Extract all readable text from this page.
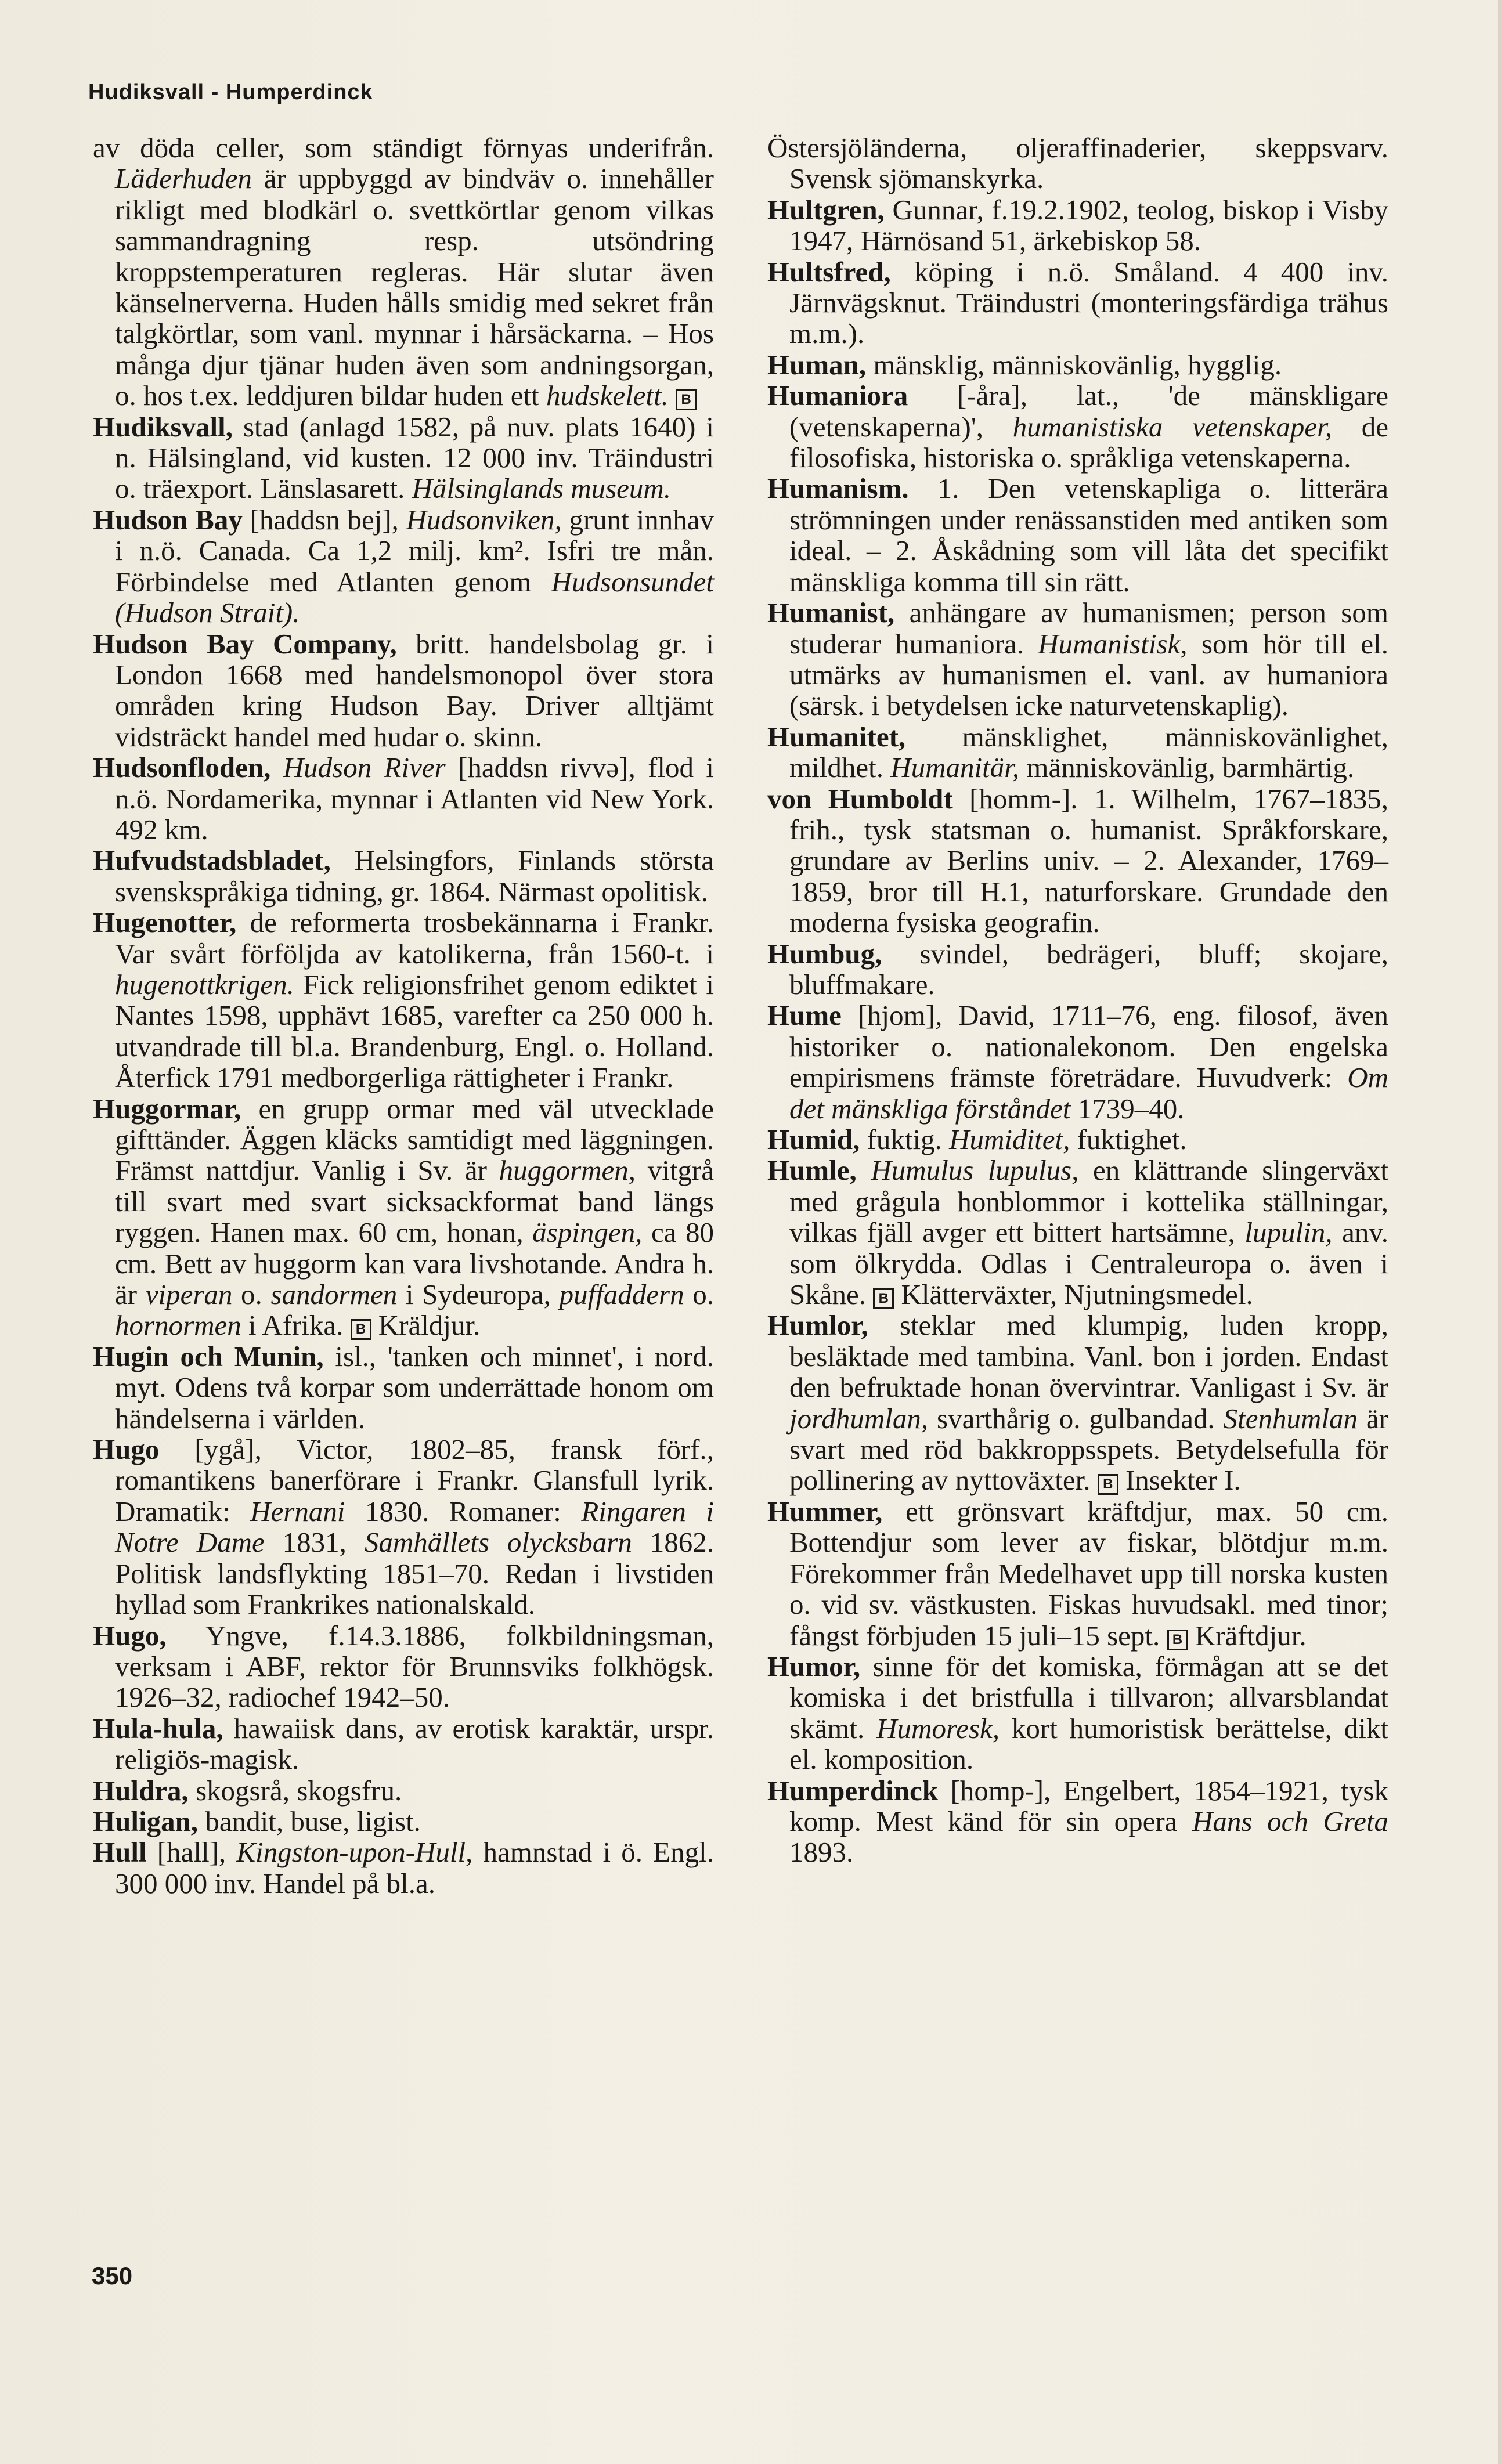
Hudiksvall - Humperdinck

av döda celler, som ständigt förnyas underifrån. Läderhuden är uppbyggd av bindväv o. innehåller rikligt med blodkärl o. svettkörtlar genom vilkas sammandragning resp. utsöndring kroppstemperaturen regleras. Här slutar även känselnerverna. Huden hålls smidig med sekret från talgkörtlar, som vanl. mynnar i hårsäckarna. – Hos många djur tjänar huden även som andningsorgan, o. hos t.ex. leddjuren bildar huden ett hudskelett. B

Hudiksvall, stad (anlagd 1582, på nuv. plats 1640) i n. Hälsingland, vid kusten. 12 000 inv. Träindustri o. träexport. Länslasarett. Hälsinglands museum.

Hudson Bay [haddsn bej], Hudsonviken, grunt innhav i n.ö. Canada. Ca 1,2 milj. km². Isfri tre mån. Förbindelse med Atlanten genom Hudsonsundet (Hudson Strait).

Hudson Bay Company, britt. handelsbolag gr. i London 1668 med handelsmonopol över stora områden kring Hudson Bay. Driver alltjämt vidsträckt handel med hudar o. skinn.

Hudsonfloden, Hudson River [haddsn rivvə], flod i n.ö. Nordamerika, mynnar i Atlanten vid New York. 492 km.

Hufvudstadsbladet, Helsingfors, Finlands största svenskspråkiga tidning, gr. 1864. Närmast opolitisk.

Hugenotter, de reformerta trosbekännarna i Frankr. Var svårt förföljda av katolikerna, från 1560-t. i hugenottkrigen. Fick religionsfrihet genom ediktet i Nantes 1598, upphävt 1685, varefter ca 250 000 h. utvandrade till bl.a. Brandenburg, Engl. o. Holland. Återfick 1791 medborgerliga rättigheter i Frankr.

Huggormar, en grupp ormar med väl utvecklade gifttänder. Äggen kläcks samtidigt med läggningen. Främst nattdjur. Vanlig i Sv. är huggormen, vitgrå till svart med svart sicksackformat band längs ryggen. Hanen max. 60 cm, honan, äspingen, ca 80 cm. Bett av huggorm kan vara livshotande. Andra h. är viperan o. sandormen i Sydeuropa, puffaddern o. hornormen i Afrika. B Kräldjur.

Hugin och Munin, isl., 'tanken och minnet', i nord. myt. Odens två korpar som underrättade honom om händelserna i världen.

Hugo [ygå], Victor, 1802–85, fransk förf., romantikens banerförare i Frankr. Glansfull lyrik. Dramatik: Hernani 1830. Romaner: Ringaren i Notre Dame 1831, Samhällets olycksbarn 1862. Politisk landsflykting 1851–70. Redan i livstiden hyllad som Frankrikes nationalskald.

Hugo, Yngve, f.14.3.1886, folkbildningsman, verksam i ABF, rektor för Brunnsviks folkhögsk. 1926–32, radiochef 1942–50.

Hula-hula, hawaiisk dans, av erotisk karaktär, urspr. religiös-magisk.

Huldra, skogsrå, skogsfru.

Huligan, bandit, buse, ligist.

Hull [hall], Kingston-upon-Hull, hamnstad i ö. Engl. 300 000 inv. Handel på bl.a.

Östersjöländerna, oljeraffinaderier, skeppsvarv. Svensk sjömanskyrka.

Hultgren, Gunnar, f.19.2.1902, teolog, biskop i Visby 1947, Härnösand 51, ärkebiskop 58.

Hultsfred, köping i n.ö. Småland. 4 400 inv. Järnvägsknut. Träindustri (monteringsfärdiga trähus m.m.).

Human, mänsklig, människovänlig, hygglig.

Humaniora [-åra], lat., 'de mänskligare (vetenskaperna)', humanistiska vetenskaper, de filosofiska, historiska o. språkliga vetenskaperna.

Humanism. 1. Den vetenskapliga o. litterära strömningen under renässanstiden med antiken som ideal. – 2. Åskådning som vill låta det specifikt mänskliga komma till sin rätt.

Humanist, anhängare av humanismen; person som studerar humaniora. Humanistisk, som hör till el. utmärks av humanismen el. vanl. av humaniora (särsk. i betydelsen icke naturvetenskaplig).

Humanitet, mänsklighet, människovänlighet, mildhet. Humanitär, människovänlig, barmhärtig.

von Humboldt [homm-]. 1. Wilhelm, 1767–1835, frih., tysk statsman o. humanist. Språkforskare, grundare av Berlins univ. – 2. Alexander, 1769–1859, bror till H.1, naturforskare. Grundade den moderna fysiska geografin.

Humbug, svindel, bedrägeri, bluff; skojare, bluffmakare.

Hume [hjom], David, 1711–76, eng. filosof, även historiker o. nationalekonom. Den engelska empirismens främste företrädare. Huvudverk: Om det mänskliga förståndet 1739–40.

Humid, fuktig. Humiditet, fuktighet.

Humle, Humulus lupulus, en klättrande slingerväxt med grågula honblommor i kottelika ställningar, vilkas fjäll avger ett bittert hartsämne, lupulin, anv. som ölkrydda. Odlas i Centraleuropa o. även i Skåne. B Klätterväxter, Njutningsmedel.

Humlor, steklar med klumpig, luden kropp, besläktade med tambina. Vanl. bon i jorden. Endast den befruktade honan övervintrar. Vanligast i Sv. är jordhumlan, svarthårig o. gulbandad. Stenhumlan är svart med röd bakkroppsspets. Betydelsefulla för pollinering av nyttoväxter. B Insekter I.

Hummer, ett grönsvart kräftdjur, max. 50 cm. Bottendjur som lever av fiskar, blötdjur m.m. Förekommer från Medelhavet upp till norska kusten o. vid sv. västkusten. Fiskas huvudsakl. med tinor; fångst förbjuden 15 juli–15 sept. B Kräftdjur.

Humor, sinne för det komiska, förmågan att se det komiska i det bristfulla i tillvaron; allvarsblandat skämt. Humoresk, kort humoristisk berättelse, dikt el. komposition.

Humperdinck [homp-], Engelbert, 1854–1921, tysk komp. Mest känd för sin opera Hans och Greta 1893.

350
